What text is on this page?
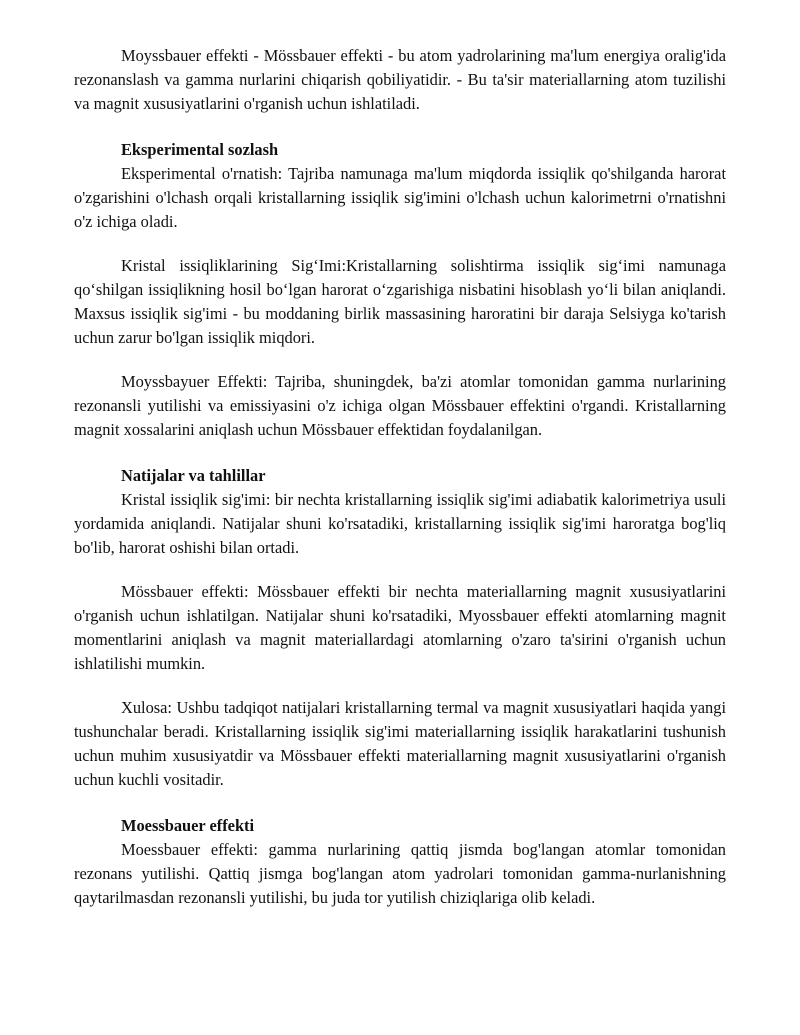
Moyssbauer effekti - Mössbauer effekti - bu atom yadrolarining ma'lum energiya oralig'ida rezonanslash va gamma nurlarini chiqarish qobiliyatidir. - Bu ta'sir materiallarning atom tuzilishi va magnit xususiyatlarini o'rganish uchun ishlatiladi.

Eksperimental sozlash

Eksperimental o'rnatish: Tajriba namunaga ma'lum miqdorda issiqlik qo'shilganda harorat o'zgarishini o'lchash orqali kristallarning issiqlik sig'imini o'lchash uchun kalorimetrni o'rnatishni o'z ichiga oladi.

Kristal issiqliklarining Sig‘Imi:Kristallarning solishtirma issiqlik sig‘imi namunaga qo‘shilgan issiqlikning hosil bo‘lgan harorat o‘zgarishiga nisbatini hisoblash yo‘li bilan aniqlandi. Maxsus issiqlik sig'imi - bu moddaning birlik massasining haroratini bir daraja Selsiyga ko'tarish uchun zarur bo'lgan issiqlik miqdori.

Moyssbayuer Effekti: Tajriba, shuningdek, ba'zi atomlar tomonidan gamma nurlarining rezonansli yutilishi va emissiyasini o'z ichiga olgan Mössbauer effektini o'rgandi. Kristallarning magnit xossalarini aniqlash uchun Mössbauer effektidan foydalanilgan.

Natijalar va tahlillar

Kristal issiqlik sig'imi: bir nechta kristallarning issiqlik sig'imi adiabatik kalorimetriya usuli yordamida aniqlandi. Natijalar shuni ko'rsatadiki, kristallarning issiqlik sig'imi haroratga bog'liq bo'lib, harorat oshishi bilan ortadi.

Mössbauer effekti: Mössbauer effekti bir nechta materiallarning magnit xususiyatlarini o'rganish uchun ishlatilgan. Natijalar shuni ko'rsatadiki, Myossbauer effekti atomlarning magnit momentlarini aniqlash va magnit materiallardagi atomlarning o'zaro ta'sirini o'rganish uchun ishlatilishi mumkin.

Xulosa: Ushbu tadqiqot natijalari kristallarning termal va magnit xususiyatlari haqida yangi tushunchalar beradi. Kristallarning issiqlik sig'imi materiallarning issiqlik harakatlarini tushunish uchun muhim xususiyatdir va Mössbauer effekti materiallarning magnit xususiyatlarini o'rganish uchun kuchli vositadir.

Moessbauer effekti

Moessbauer effekti: gamma nurlarining qattiq jismda bog'langan atomlar tomonidan rezonans yutilishi. Qattiq jismga bog'langan atom yadrolari tomonidan gamma-nurlanishning qaytarilmasdan rezonansli yutilishi, bu juda tor yutilish chiziqlariga olib keladi.
